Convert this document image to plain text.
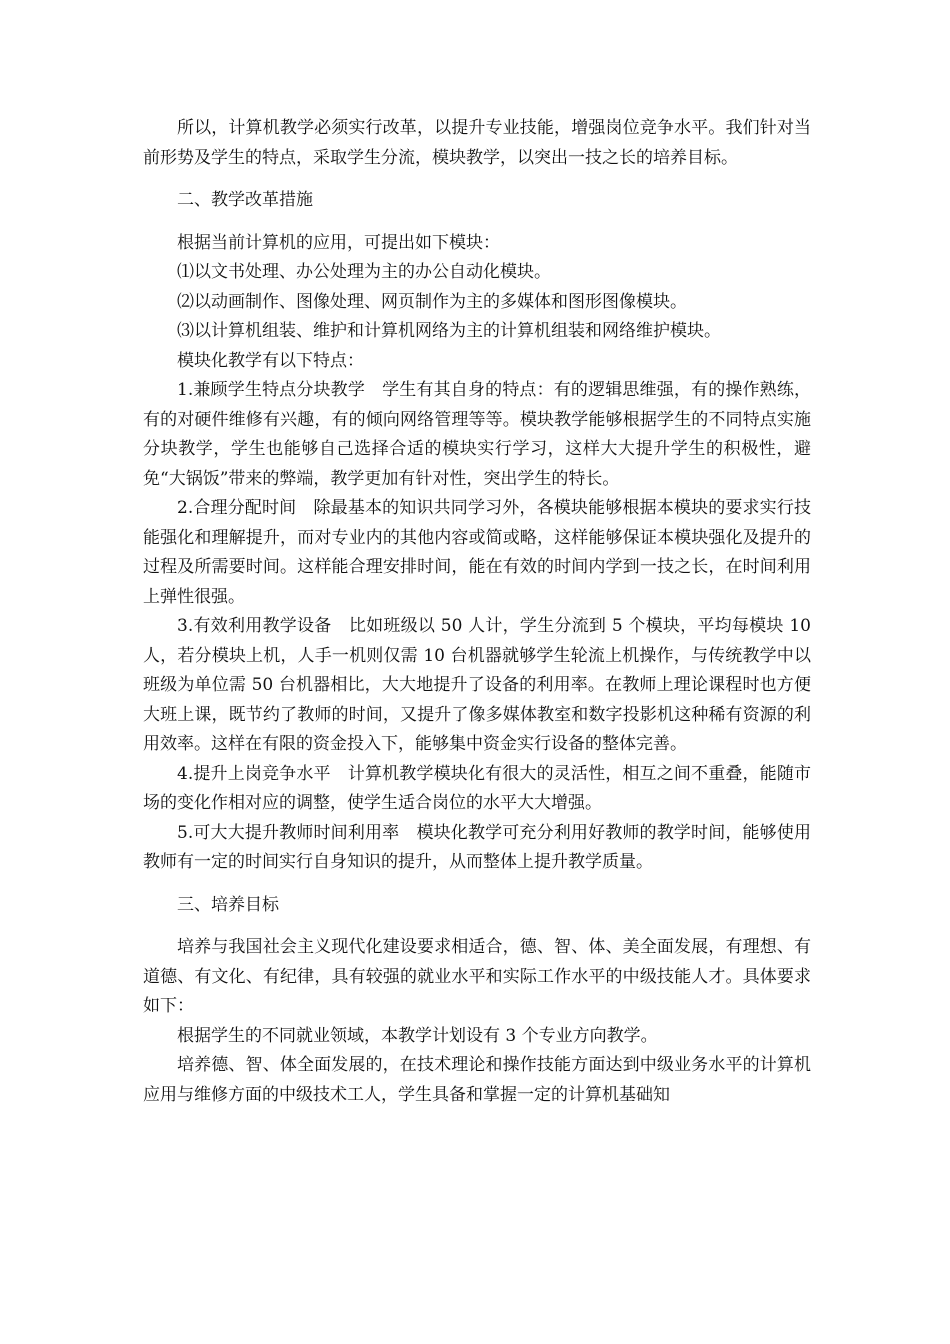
所以，计算机教学必须实行改革，以提升专业技能，增强岗位竞争水平。我们针对当前形势及学生的特点，采取学生分流，模块教学，以突出一技之长的培养目标。

二、教学改革措施

根据当前计算机的应用，可提出如下模块：

⑴以文书处理、办公处理为主的办公自动化模块。

⑵以动画制作、图像处理、网页制作为主的多媒体和图形图像模块。

⑶以计算机组装、维护和计算机网络为主的计算机组装和网络维护模块。

模块化教学有以下特点：

1.兼顾学生特点分块教学　学生有其自身的特点：有的逻辑思维强，有的操作熟练，有的对硬件维修有兴趣，有的倾向网络管理等等。模块教学能够根据学生的不同特点实施分块教学，学生也能够自己选择合适的模块实行学习，这样大大提升学生的积极性，避免“大锅饭”带来的弊端，教学更加有针对性，突出学生的特长。

2.合理分配时间　除最基本的知识共同学习外，各模块能够根据本模块的要求实行技能强化和理解提升，而对专业内的其他内容或简或略，这样能够保证本模块强化及提升的过程及所需要时间。这样能合理安排时间，能在有效的时间内学到一技之长，在时间利用上弹性很强。

3.有效利用教学设备　比如班级以 50 人计，学生分流到 5 个模块，平均每模块 10 人，若分模块上机，人手一机则仅需 10 台机器就够学生轮流上机操作，与传统教学中以班级为单位需 50 台机器相比，大大地提升了设备的利用率。在教师上理论课程时也方便大班上课，既节约了教师的时间，又提升了像多媒体教室和数字投影机这种稀有资源的利用效率。这样在有限的资金投入下，能够集中资金实行设备的整体完善。

4.提升上岗竞争水平　计算机教学模块化有很大的灵活性，相互之间不重叠，能随市场的变化作相对应的调整，使学生适合岗位的水平大大增强。

5.可大大提升教师时间利用率　模块化教学可充分利用好教师的教学时间，能够使用教师有一定的时间实行自身知识的提升，从而整体上提升教学质量。

三、培养目标

培养与我国社会主义现代化建设要求相适合，德、智、体、美全面发展，有理想、有道德、有文化、有纪律，具有较强的就业水平和实际工作水平的中级技能人才。具体要求如下：

根据学生的不同就业领域，本教学计划设有 3 个专业方向教学。

培养德、智、体全面发展的，在技术理论和操作技能方面达到中级业务水平的计算机应用与维修方面的中级技术工人，学生具备和掌握一定的计算机基础知
